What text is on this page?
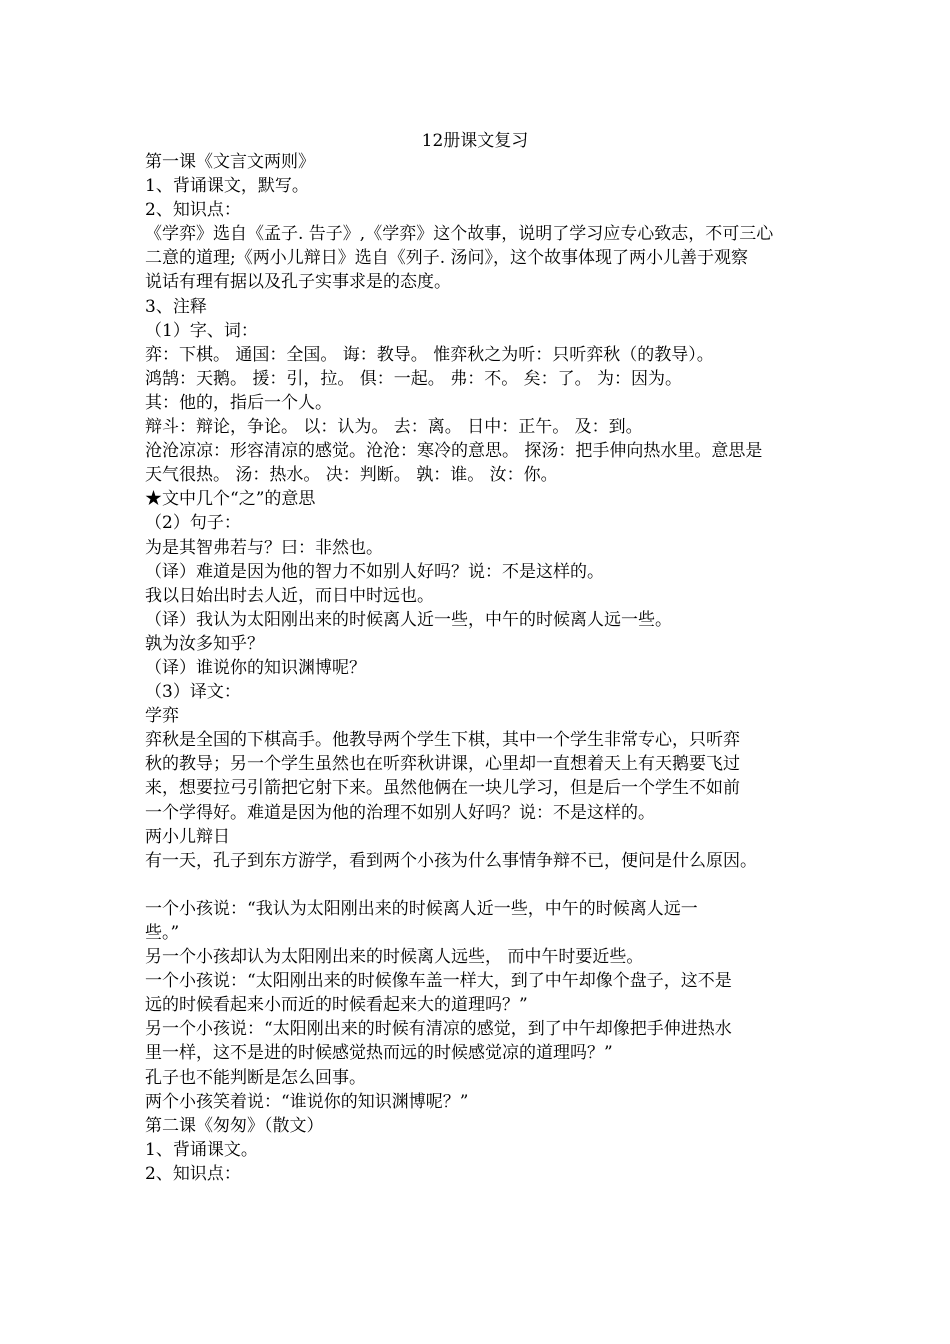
12册课文复习
第一课《文言文两则》
1、背诵课文，默写。
2、知识点：
《学弈》选自《孟子. 告子》,《学弈》这个故事，说明了学习应专心致志，不可三心
二意的道理;《两小儿辩日》选自《列子. 汤问》，这个故事体现了两小儿善于观察
说话有理有据以及孔子实事求是的态度。
3、注释
（1）字、词：
弈：下棋。 通国：全国。 诲：教导。 惟弈秋之为听：只听弈秋（的教导）。
鸿鹄：天鹅。 援：引，拉。 俱：一起。 弗：不。 矣：了。 为：因为。
其：他的，指后一个人。
辩斗：辩论，争论。 以：认为。 去：离。 日中：正午。 及：到。
沧沧凉凉：形容清凉的感觉。沧沧：寒冷的意思。 探汤：把手伸向热水里。意思是
天气很热。 汤：热水。 决：判断。 孰：谁。 汝：你。
★文中几个“之”的意思
（2）句子：
为是其智弗若与？曰：非然也。
（译）难道是因为他的智力不如别人好吗？说：不是这样的。
我以日始出时去人近，而日中时远也。
（译）我认为太阳刚出来的时候离人近一些，中午的时候离人远一些。
孰为汝多知乎？
（译）谁说你的知识渊博呢？
（3）译文：
学弈
弈秋是全国的下棋高手。他教导两个学生下棋，其中一个学生非常专心，只听弈
秋的教导；另一个学生虽然也在听弈秋讲课，心里却一直想着天上有天鹅要飞过
来，想要拉弓引箭把它射下来。虽然他俩在一块儿学习，但是后一个学生不如前
一个学得好。难道是因为他的治理不如别人好吗？说：不是这样的。
两小儿辩日
有一天，孔子到东方游学，看到两个小孩为什么事情争辩不已，便问是什么原因。
一个小孩说：“我认为太阳刚出来的时候离人近一些，中午的时候离人远一
些。”
另一个小孩却认为太阳刚出来的时候离人远些， 而中午时要近些。
一个小孩说：“太阳刚出来的时候像车盖一样大，到了中午却像个盘子，这不是
远的时候看起来小而近的时候看起来大的道理吗？”
另一个小孩说：“太阳刚出来的时候有清凉的感觉，到了中午却像把手伸进热水
里一样，这不是进的时候感觉热而远的时候感觉凉的道理吗？”
孔子也不能判断是怎么回事。
两个小孩笑着说：“谁说你的知识渊博呢？”
第二课《匆匆》（散文）
1、背诵课文。
2、知识点：
